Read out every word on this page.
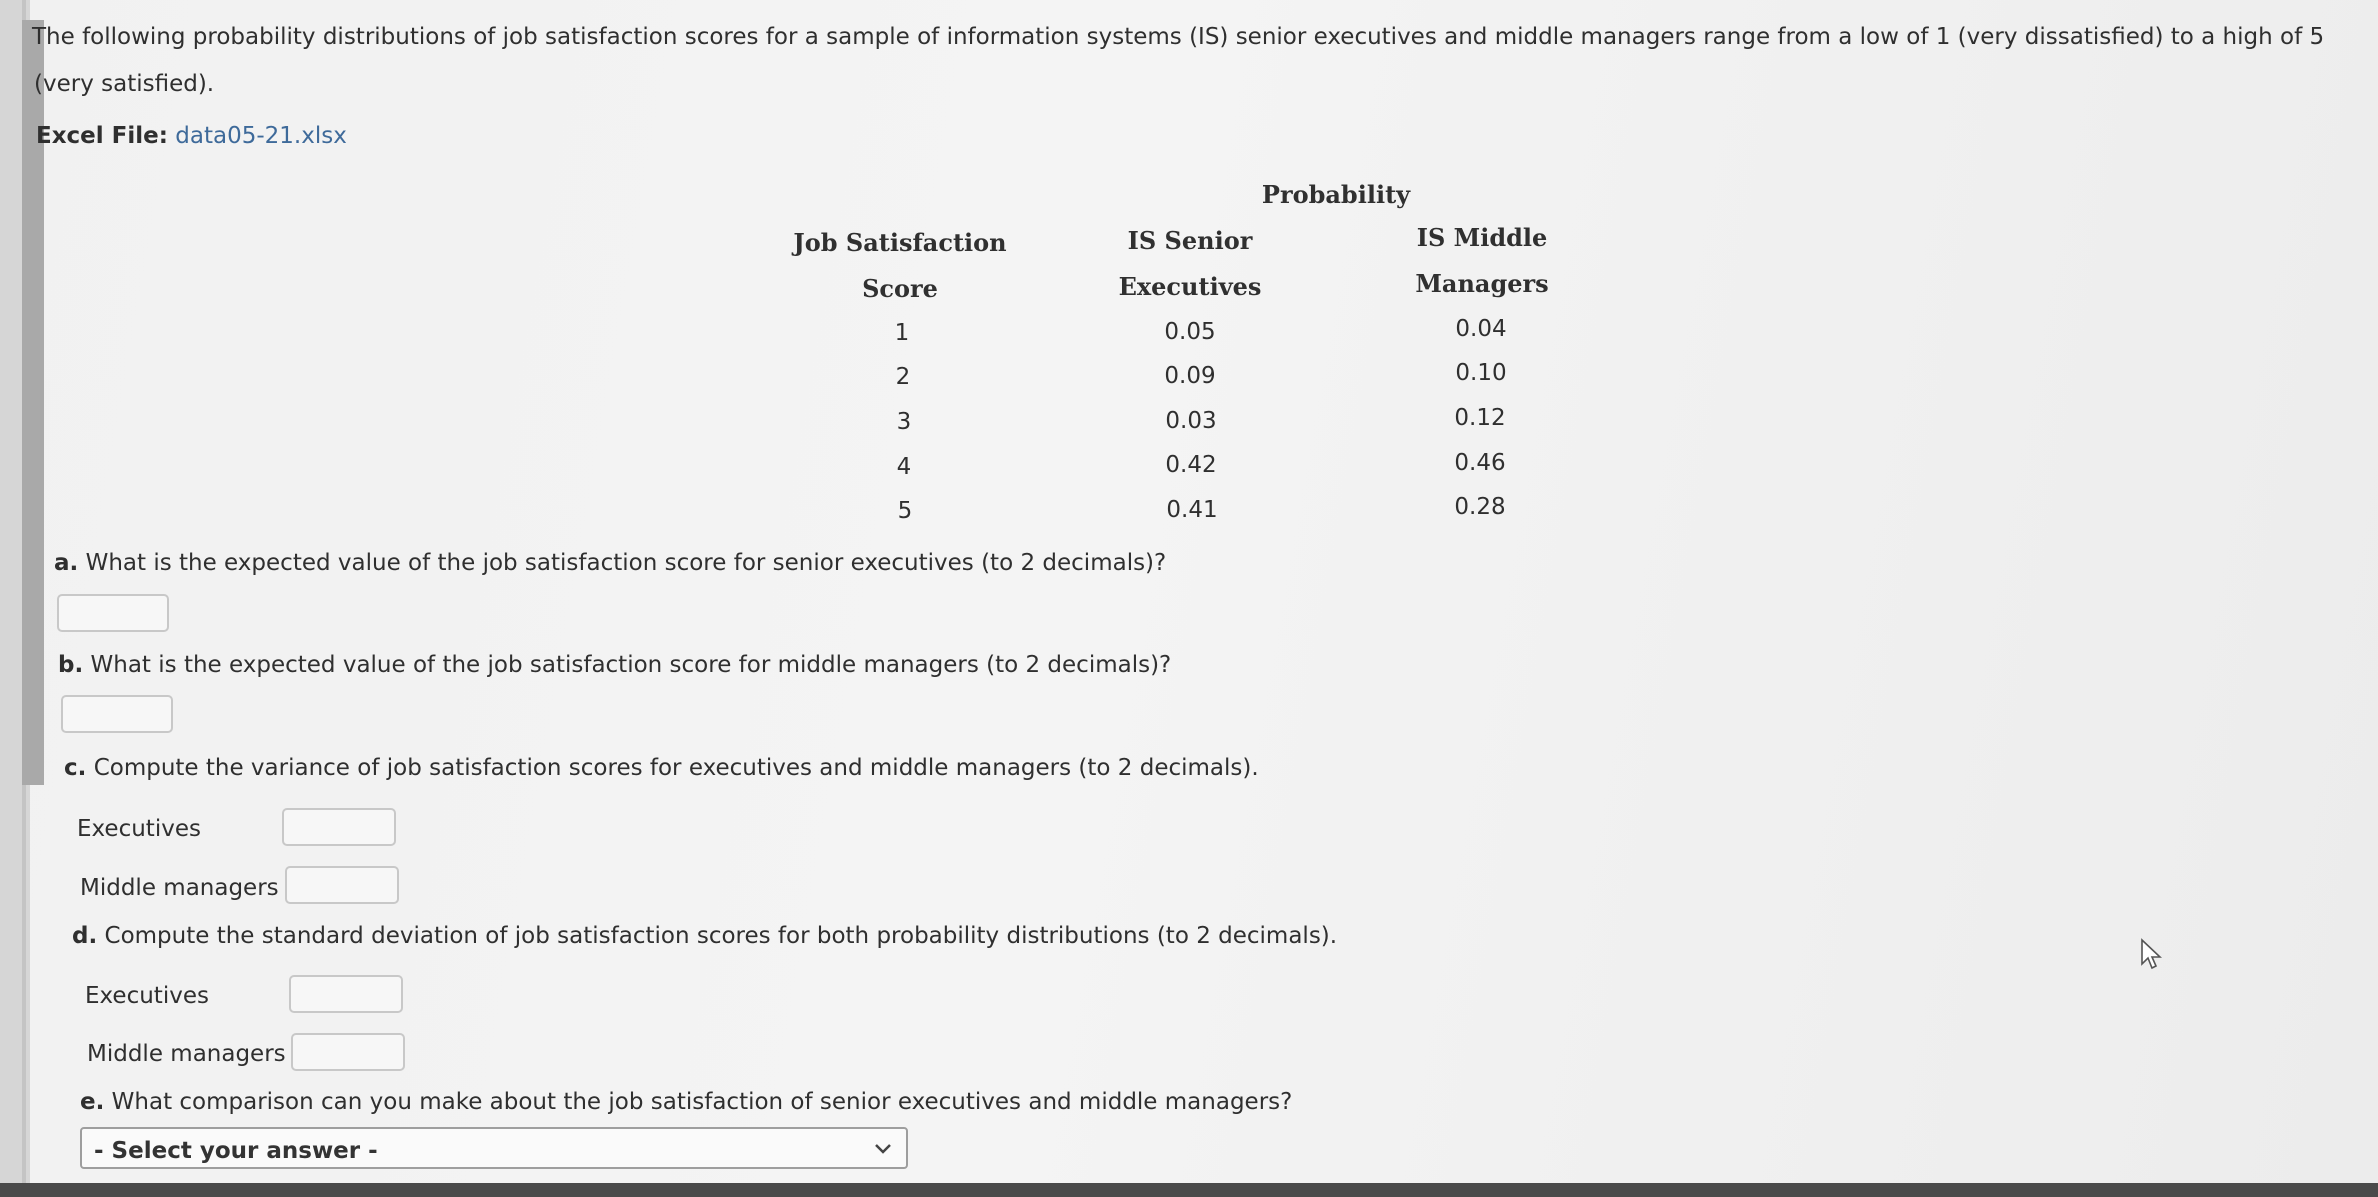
The following probability distributions of job satisfaction scores for a sample of information systems (IS) senior executives and middle managers range from a low of 1 (very dissatisfied) to a high of 5
(very satisfied).
Excel File: data05-21.xlsx
Probability
Job Satisfaction
Score
IS Senior
Executives
IS Middle
Managers
1	0.05	0.04
2	0.09	0.10
3	0.03	0.12
4	0.42	0.46
5	0.41	0.28
a. What is the expected value of the job satisfaction score for senior executives (to 2 decimals)?
b. What is the expected value of the job satisfaction score for middle managers (to 2 decimals)?
c. Compute the variance of job satisfaction scores for executives and middle managers (to 2 decimals).
Executives
Middle managers
d. Compute the standard deviation of job satisfaction scores for both probability distributions (to 2 decimals).
Executives
Middle managers
e. What comparison can you make about the job satisfaction of senior executives and middle managers?
- Select your answer -
